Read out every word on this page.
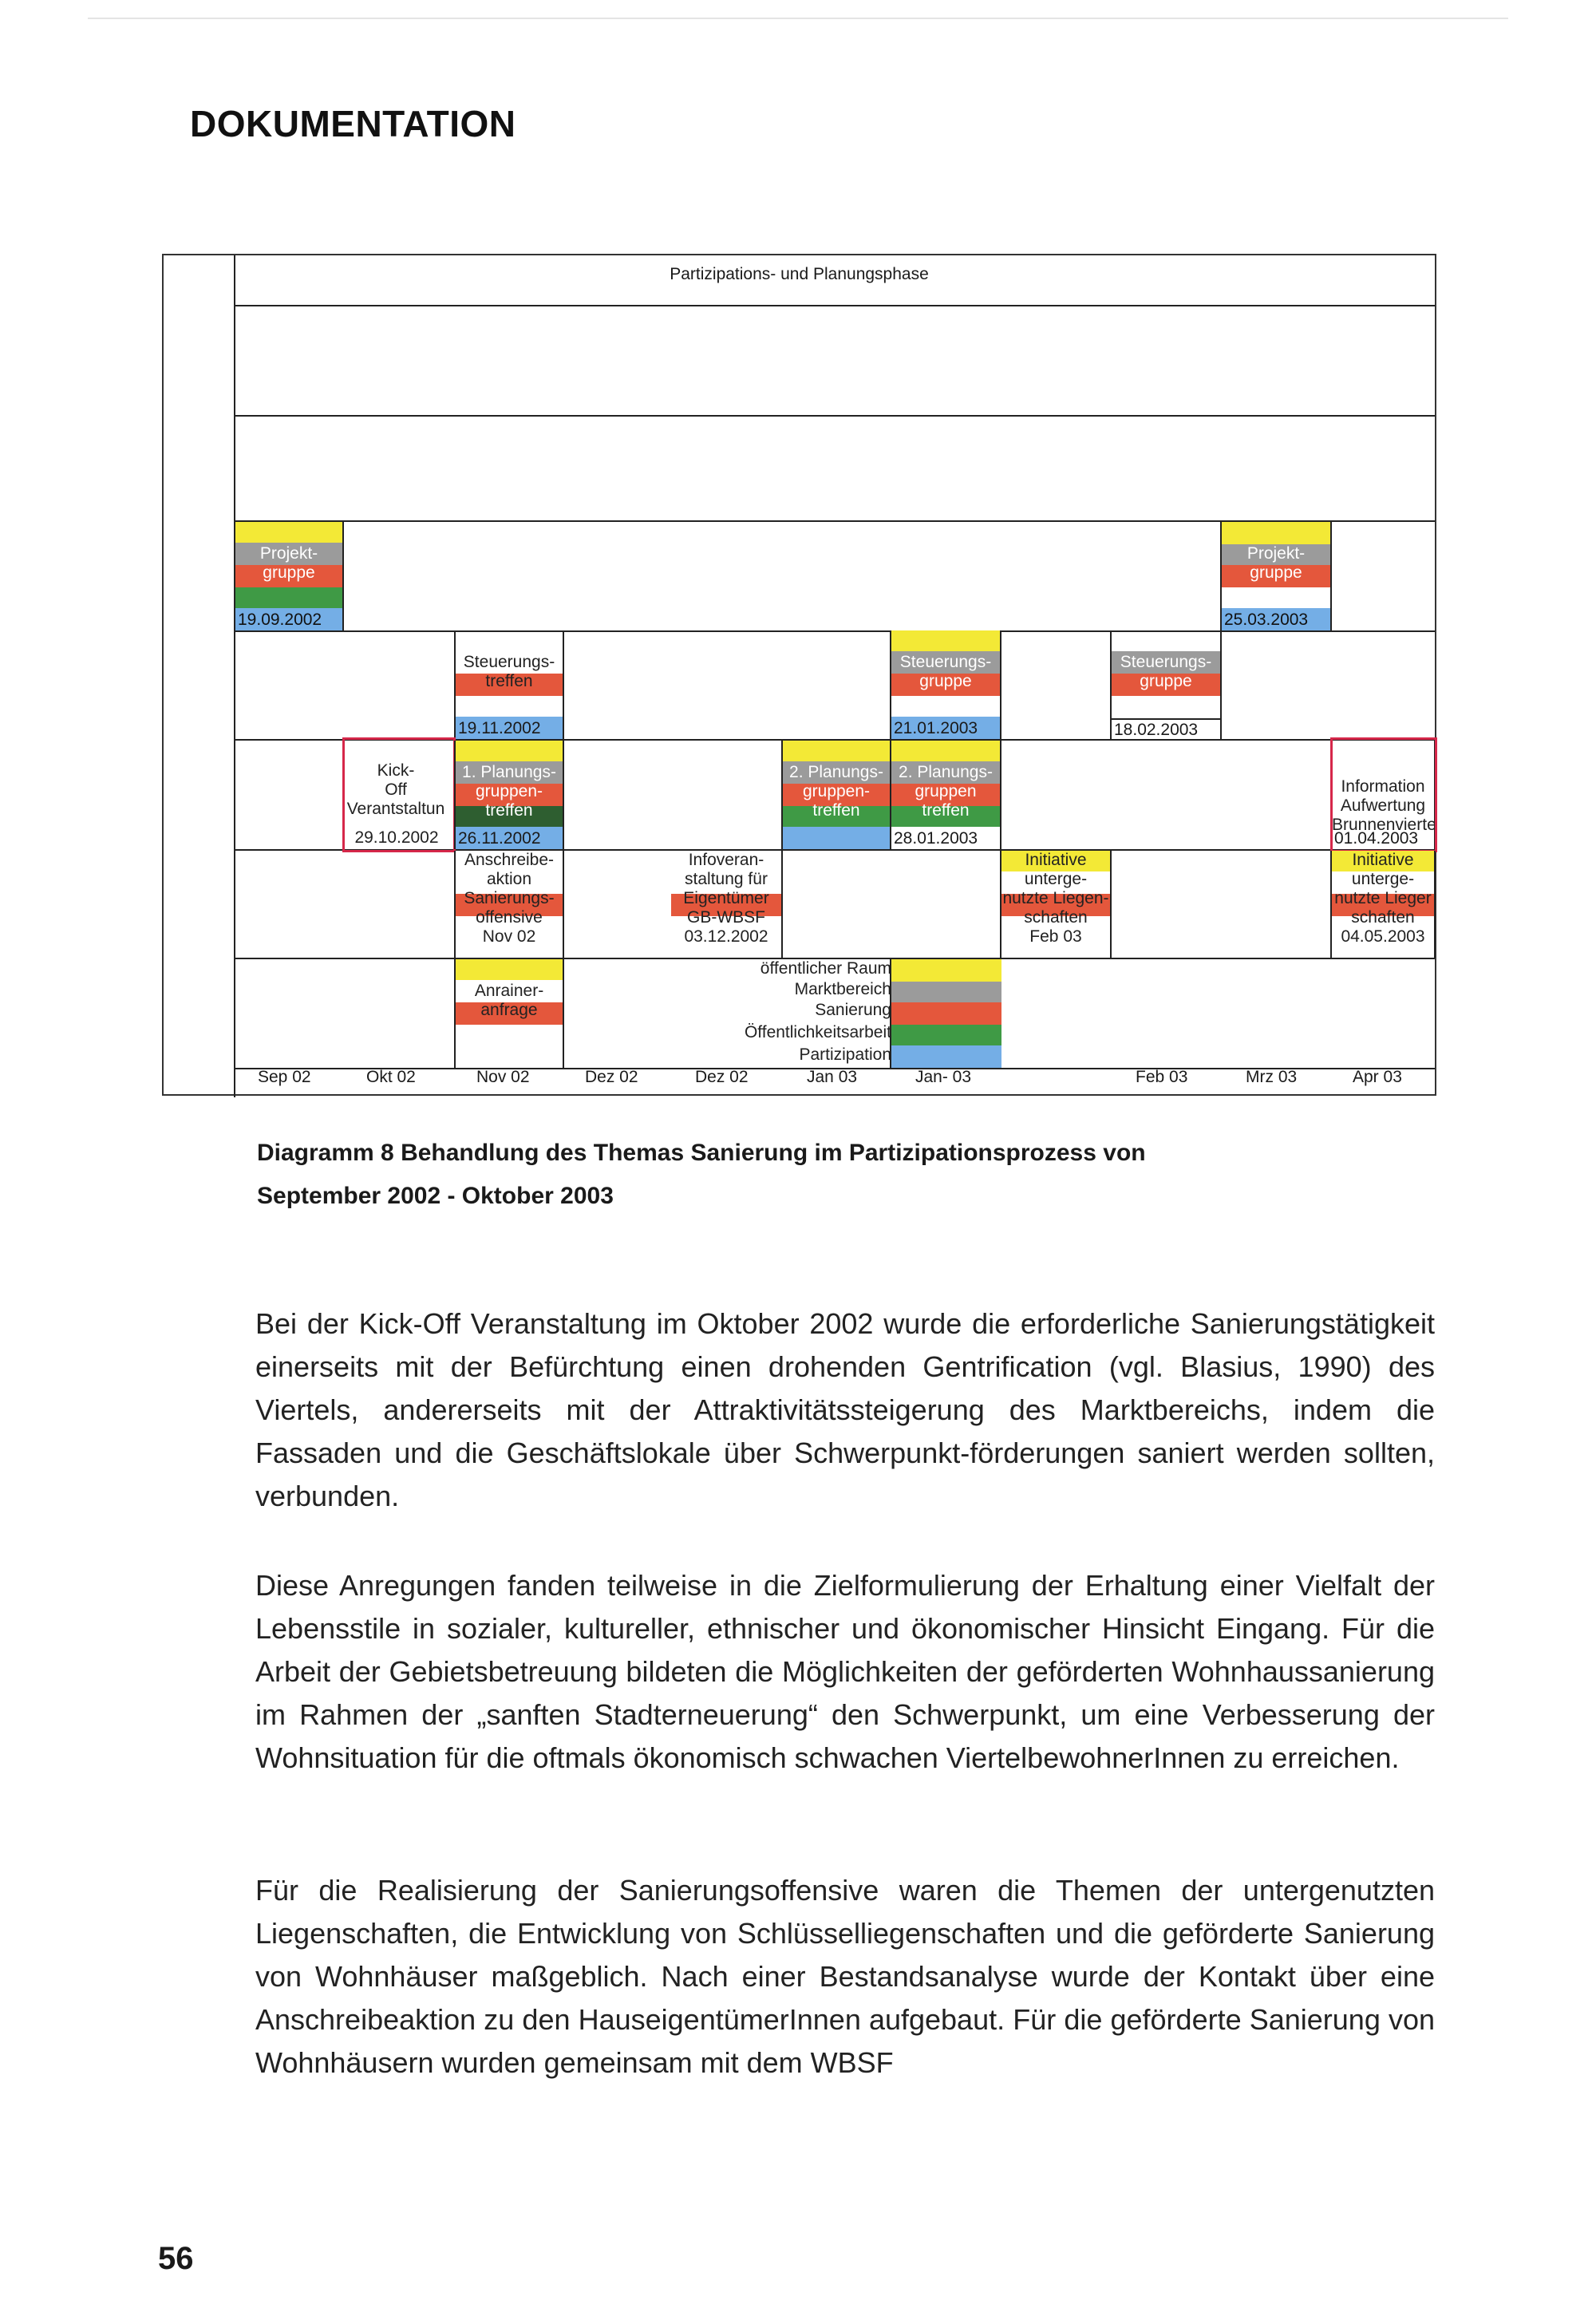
DOKUMENTATION
Partizipations- und Planungsphase
Projekt-
gruppe
19.09.2002
Projekt-
gruppe
25.03.2003
Steuerungs-
treffen
19.11.2002
Steuerungs-
gruppe
21.01.2003
Steuerungs-
gruppe
18.02.2003
Kick-
Off
Verantstaltun
29.10.2002
1. Planungs-
gruppen-
treffen
26.11.2002
2. Planungs-
gruppen-
treffen
2. Planungs-
gruppen
treffen
28.01.2003
Information
Aufwertung
Brunnenvierte
01.04.2003
Anschreibe-
aktion
Sanierungs-
offensive
Nov 02
Infoveran-
staltung für
Eigentümer
GB-WBSF
03.12.2002
Initiative
unterge-
nutzte Liegen-
schaften
Feb 03
Initiative
unterge-
nutzte Lieger
schaften
04.05.2003
Anrainer-
anfrage
öffentlicher Raum
Marktbereich
Sanierung
Öffentlichkeitsarbeit
Partizipation
Sep 02	Okt 02	Nov 02	Dez 02	Dez 02	Jan 03	Jan- 03	Feb 03	Mrz 03	Apr 03
Diagramm 8 Behandlung des Themas Sanierung im Partizipationsprozess von
September 2002 - Oktober 2003
Bei der Kick-Off Veranstaltung im Oktober 2002 wurde die erforderliche Sanierungstätigkeit einerseits mit der Befürchtung einen drohenden Gentrification (vgl. Blasius, 1990) des Viertels, andererseits mit der Attraktivitätssteigerung des Marktbereichs, indem die Fassaden und die Geschäftslokale über Schwerpunkt-förderungen saniert werden sollten, verbunden.
Diese Anregungen fanden teilweise in die Zielformulierung der Erhaltung einer Vielfalt der Lebensstile in sozialer, kultureller, ethnischer und ökonomischer Hinsicht Eingang. Für die Arbeit der Gebietsbetreuung bildeten die Möglichkeiten der geförderten Wohnhaussanierung im Rahmen der „sanften Stadterneuerung“ den Schwerpunkt, um eine Verbesserung der Wohnsituation für die oftmals ökonomisch schwachen ViertelbewohnerInnen zu erreichen.
Für die Realisierung der Sanierungsoffensive waren die Themen der untergenutzten Liegenschaften, die Entwicklung von Schlüsselliegenschaften und die geförderte Sanierung von Wohnhäuser maßgeblich. Nach einer Bestandsanalyse wurde der Kontakt über eine Anschreibeaktion zu den HauseigentümerInnen aufgebaut. Für die geförderte Sanierung von Wohnhäusern wurden gemeinsam mit dem WBSF
56
